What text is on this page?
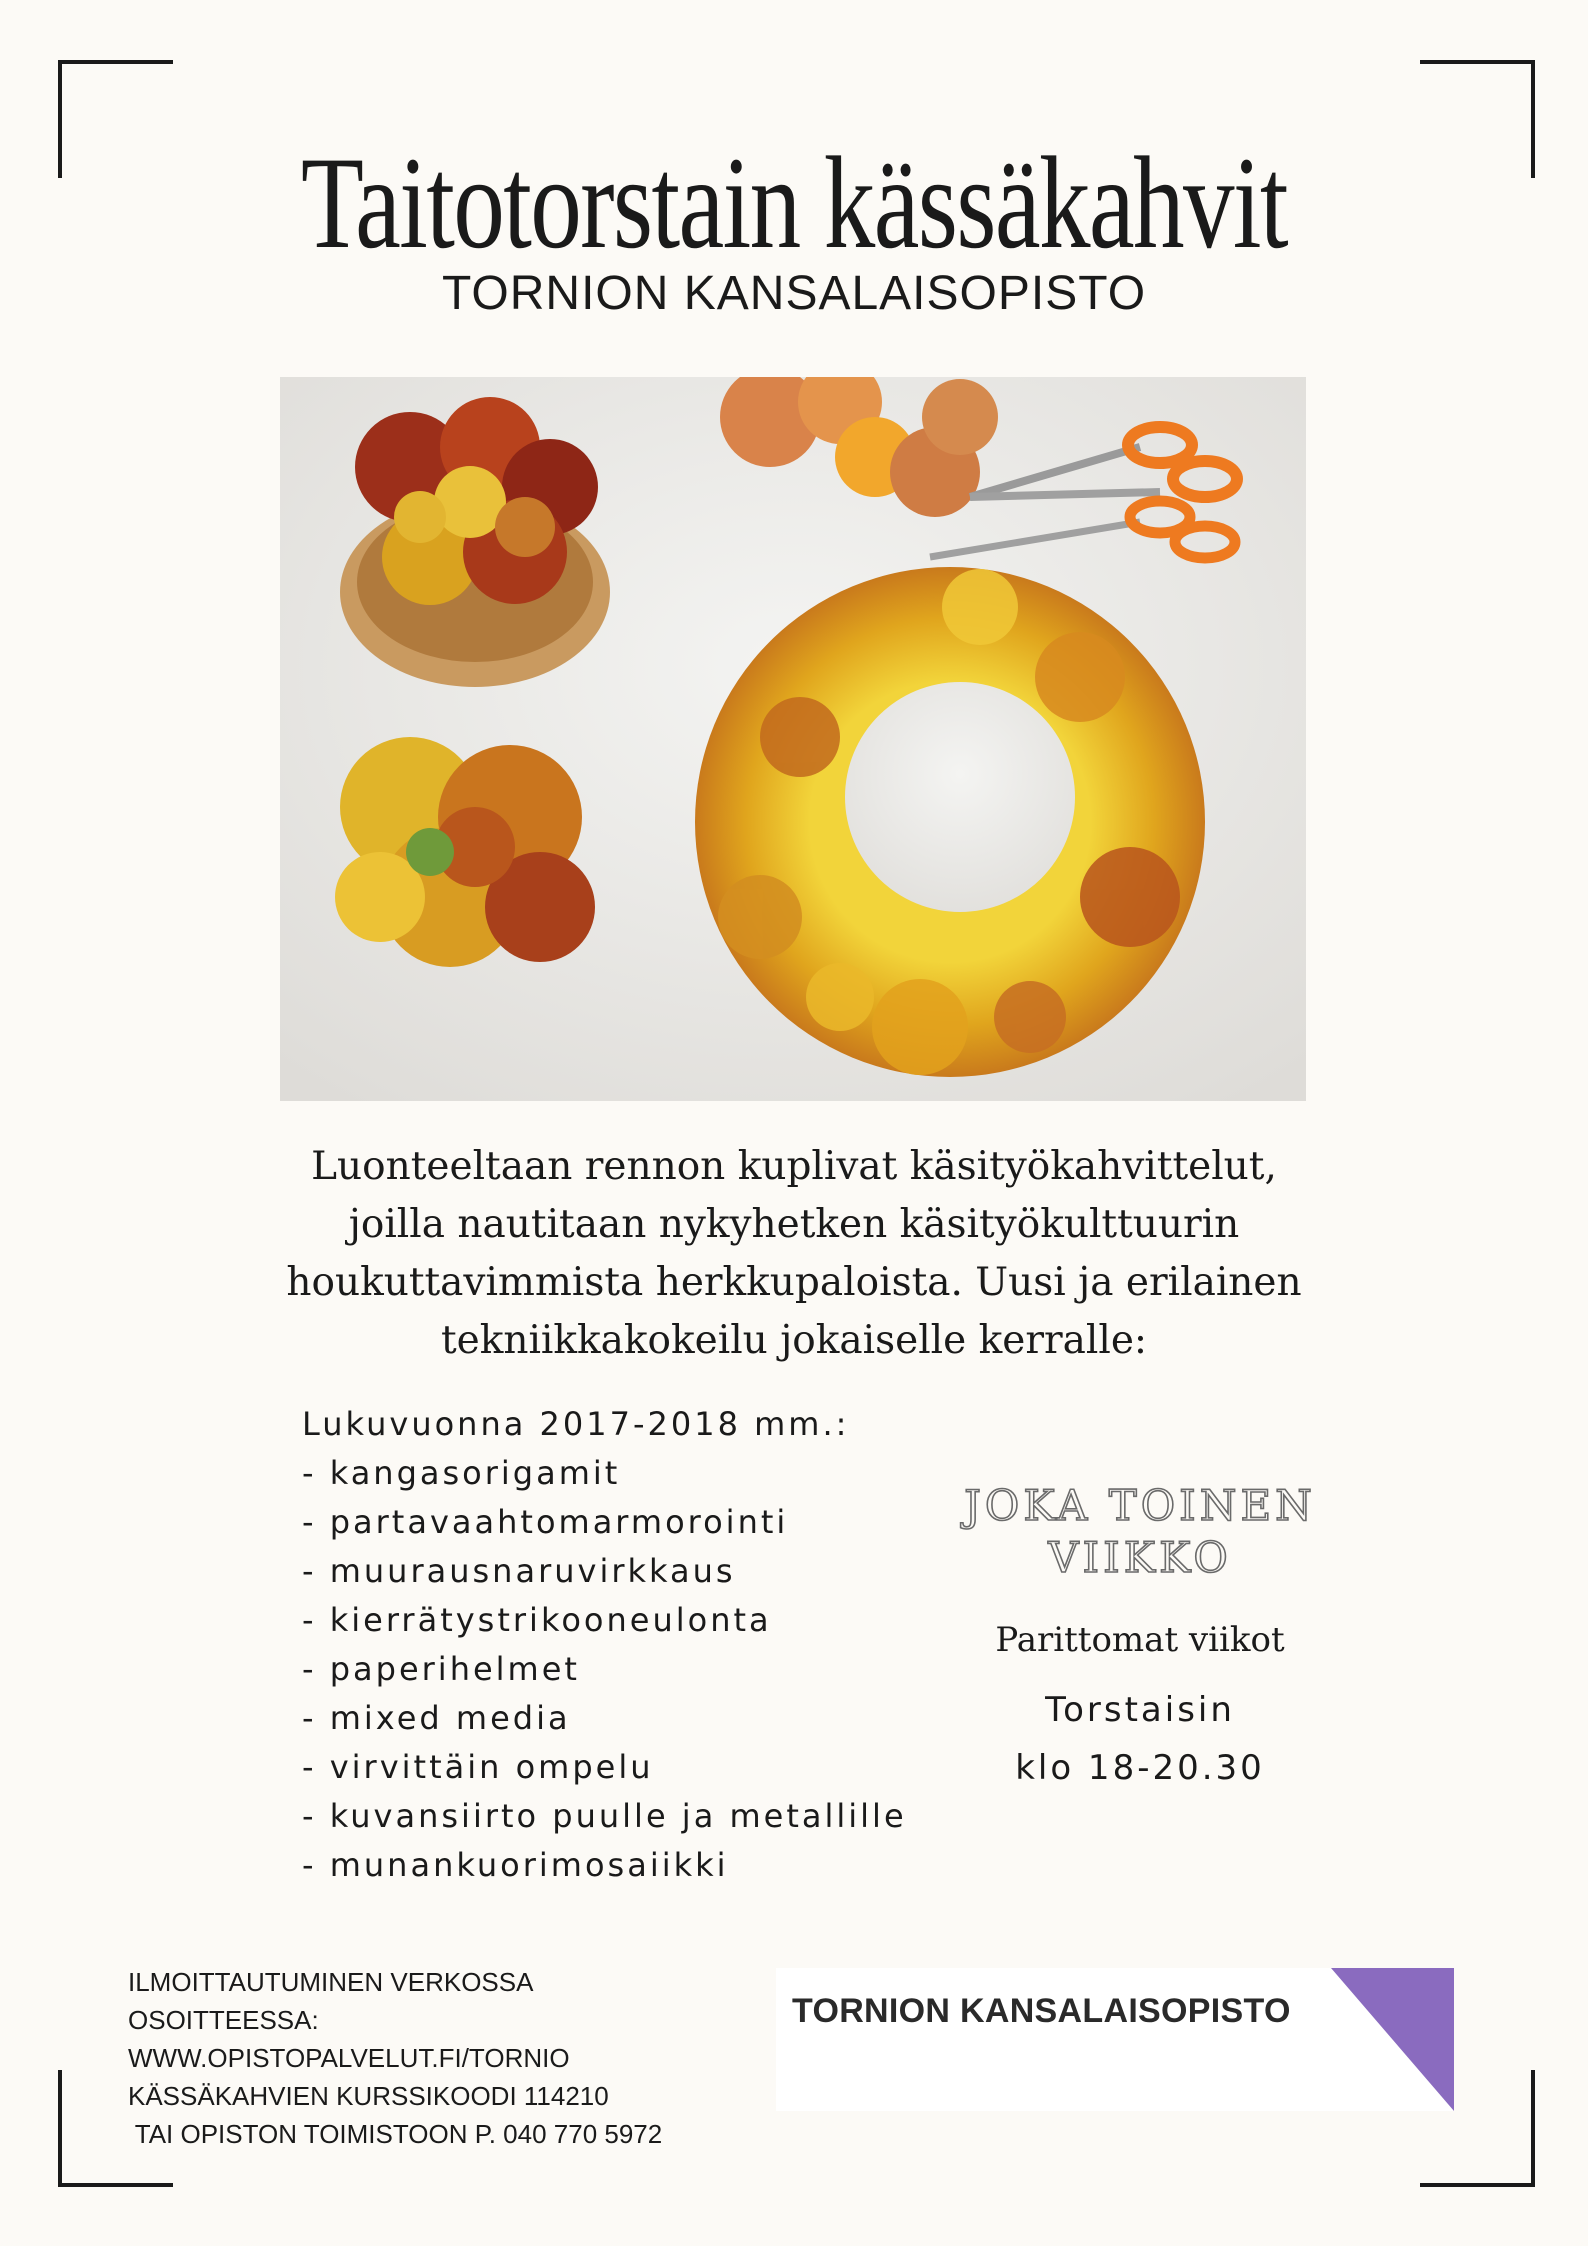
Taitotorstain kässäkahvit
TORNION KANSALAISOPISTO
Luonteeltaan rennon kuplivat käsityökahvittelut,
joilla nautitaan nykyhetken käsityökulttuurin
houkuttavimmista herkkupaloista. Uusi ja erilainen
tekniikkakokeilu jokaiselle kerralle:
Lukuvuonna 2017-2018 mm.:
- kangasorigamit
- partavaahtomarmorointi
- muurausnaruvirkkaus
- kierrätystrikooneulonta
- paperihelmet
- mixed media
- virvittäin ompelu
- kuvansiirto puulle ja metallille
- munankuorimosaiikki
JOKA TOINEN
VIIKKO
Parittomat viikot
Torstaisin
klo 18-20.30
ILMOITTAUTUMINEN VERKOSSA
OSOITTEESSA:
WWW.OPISTOPALVELUT.FI/TORNIO
KÄSSÄKAHVIEN KURSSIKOODI 114210
TAI OPISTON TOIMISTOON P. 040 770 5972
TORNION KANSALAISOPISTO
